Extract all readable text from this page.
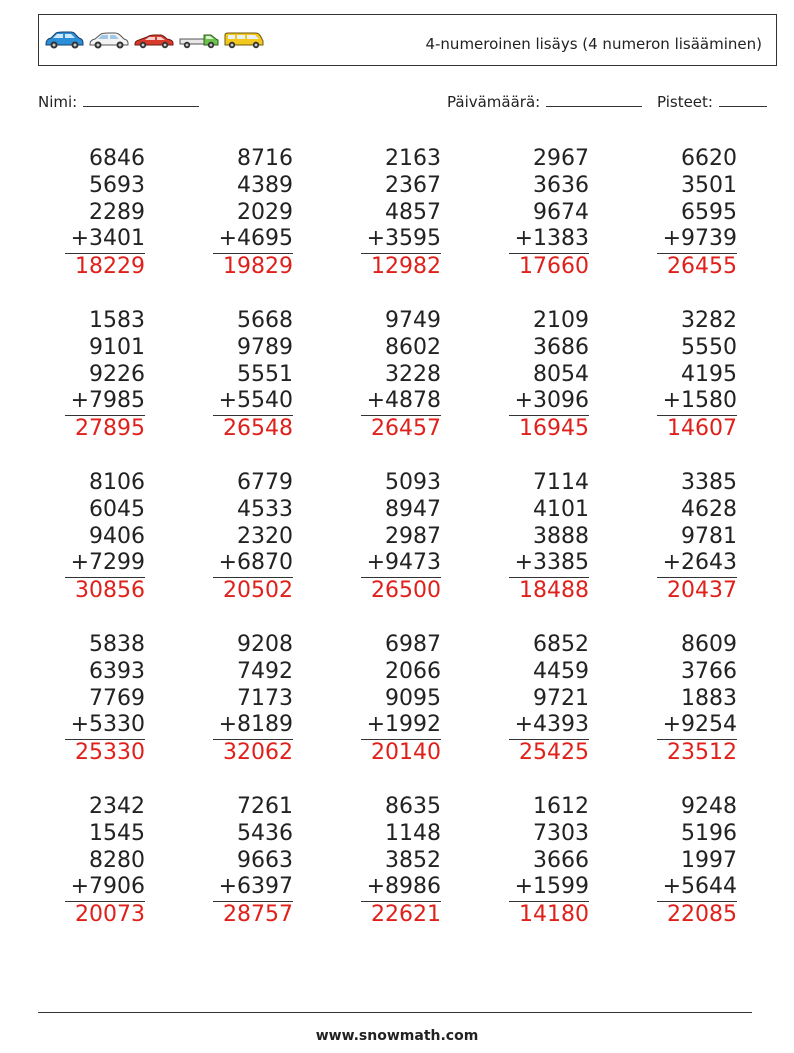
4-numeroinen lisäys (4 numeron lisääminen)
Nimi:	Päivämäärä:	Pisteet:
6846
5693
2289
+3401
18229
8716
4389
2029
+4695
19829
2163
2367
4857
+3595
12982
2967
3636
9674
+1383
17660
6620
3501
6595
+9739
26455
1583
9101
9226
+7985
27895
5668
9789
5551
+5540
26548
9749
8602
3228
+4878
26457
2109
3686
8054
+3096
16945
3282
5550
4195
+1580
14607
8106
6045
9406
+7299
30856
6779
4533
2320
+6870
20502
5093
8947
2987
+9473
26500
7114
4101
3888
+3385
18488
3385
4628
9781
+2643
20437
5838
6393
7769
+5330
25330
9208
7492
7173
+8189
32062
6987
2066
9095
+1992
20140
6852
4459
9721
+4393
25425
8609
3766
1883
+9254
23512
2342
1545
8280
+7906
20073
7261
5436
9663
+6397
28757
8635
1148
3852
+8986
22621
1612
7303
3666
+1599
14180
9248
5196
1997
+5644
22085
www.snowmath.com
